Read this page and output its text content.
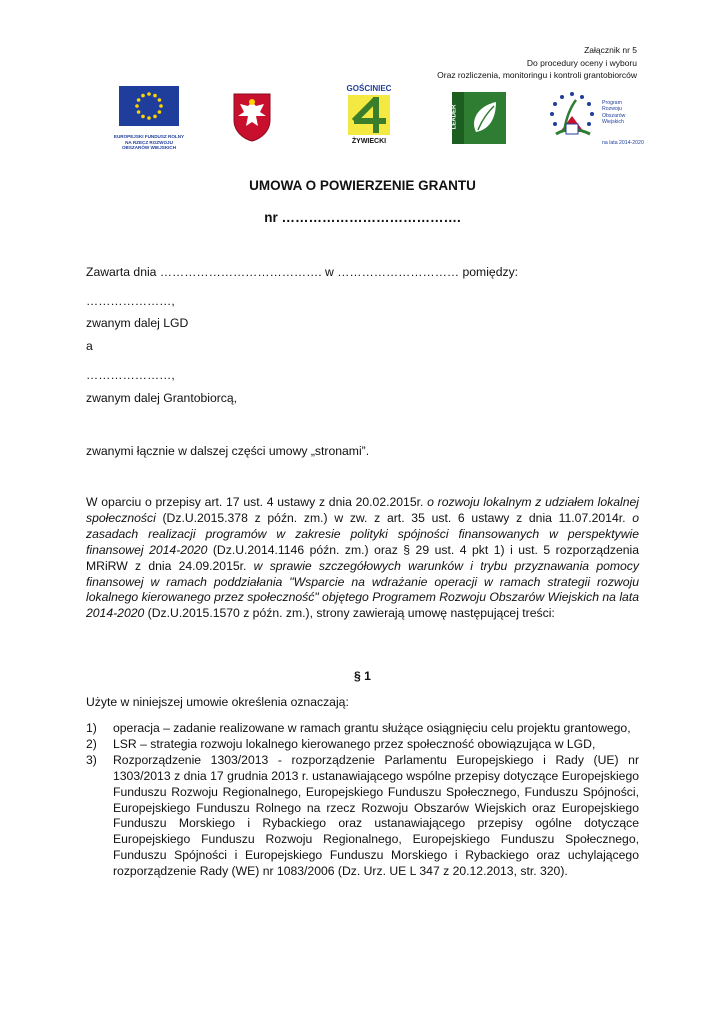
Załącznik nr 5
Do procedury oceny i wyboru
Oraz rozliczenia, monitoringu i kontroli grantobiorców
EUROPEJSKI FUNDUSZ ROLNY
NA RZECZ ROZWOJU
OBSZARÓW WIEJSKICH
GOŚCINIEC
ŻYWIECKI
LEADER
Program
Rozwoju
Obszarów
Wiejskich
na lata 2014-2020
UMOWA O POWIERZENIE GRANTU
nr ………………………………….
Zawarta dnia …………………………………. w ………………………… pomiędzy:
…………………,
zwanym dalej LGD
a
…………………,
zwanym dalej Grantobiorcą,
zwanymi łącznie w dalszej części umowy „stronami”.
W oparciu o przepisy art. 17 ust. 4 ustawy z dnia 20.02.2015r. o rozwoju lokalnym z udziałem lokalnej społeczności (Dz.U.2015.378 z późn. zm.) w zw. z art. 35 ust. 6 ustawy z dnia 11.07.2014r. o zasadach realizacji programów w zakresie polityki spójności finansowanych w perspektywie finansowej 2014-2020 (Dz.U.2014.1146 późn. zm.) oraz § 29 ust. 4 pkt 1) i ust. 5 rozporządzenia MRiRW z dnia 24.09.2015r. w sprawie szczegółowych warunków i trybu przyznawania pomocy finansowej w ramach poddziałania "Wsparcie na wdrażanie operacji w ramach strategii rozwoju lokalnego kierowanego przez społeczność" objętego Programem Rozwoju Obszarów Wiejskich na lata 2014-2020 (Dz.U.2015.1570 z późn. zm.), strony zawierają umowę następującej treści:
§ 1
Użyte w niniejszej umowie określenia oznaczają:
1)	operacja – zadanie realizowane w ramach grantu służące osiągnięciu celu projektu grantowego,
2)	LSR – strategia rozwoju lokalnego kierowanego przez społeczność obowiązująca w LGD,
3)	Rozporządzenie 1303/2013 - rozporządzenie Parlamentu Europejskiego i Rady (UE) nr 1303/2013 z dnia 17 grudnia 2013 r. ustanawiającego wspólne przepisy dotyczące Europejskiego Funduszu Rozwoju Regionalnego, Europejskiego Funduszu Społecznego, Funduszu Spójności, Europejskiego Funduszu Rolnego na rzecz Rozwoju Obszarów Wiejskich oraz Europejskiego Funduszu Morskiego i Rybackiego oraz ustanawiającego przepisy ogólne dotyczące Europejskiego Funduszu Rozwoju Regionalnego, Europejskiego Funduszu Społecznego, Funduszu Spójności i Europejskiego Funduszu Morskiego i Rybackiego oraz uchylającego rozporządzenie Rady (WE) nr 1083/2006 (Dz. Urz. UE L 347 z 20.12.2013, str. 320).
